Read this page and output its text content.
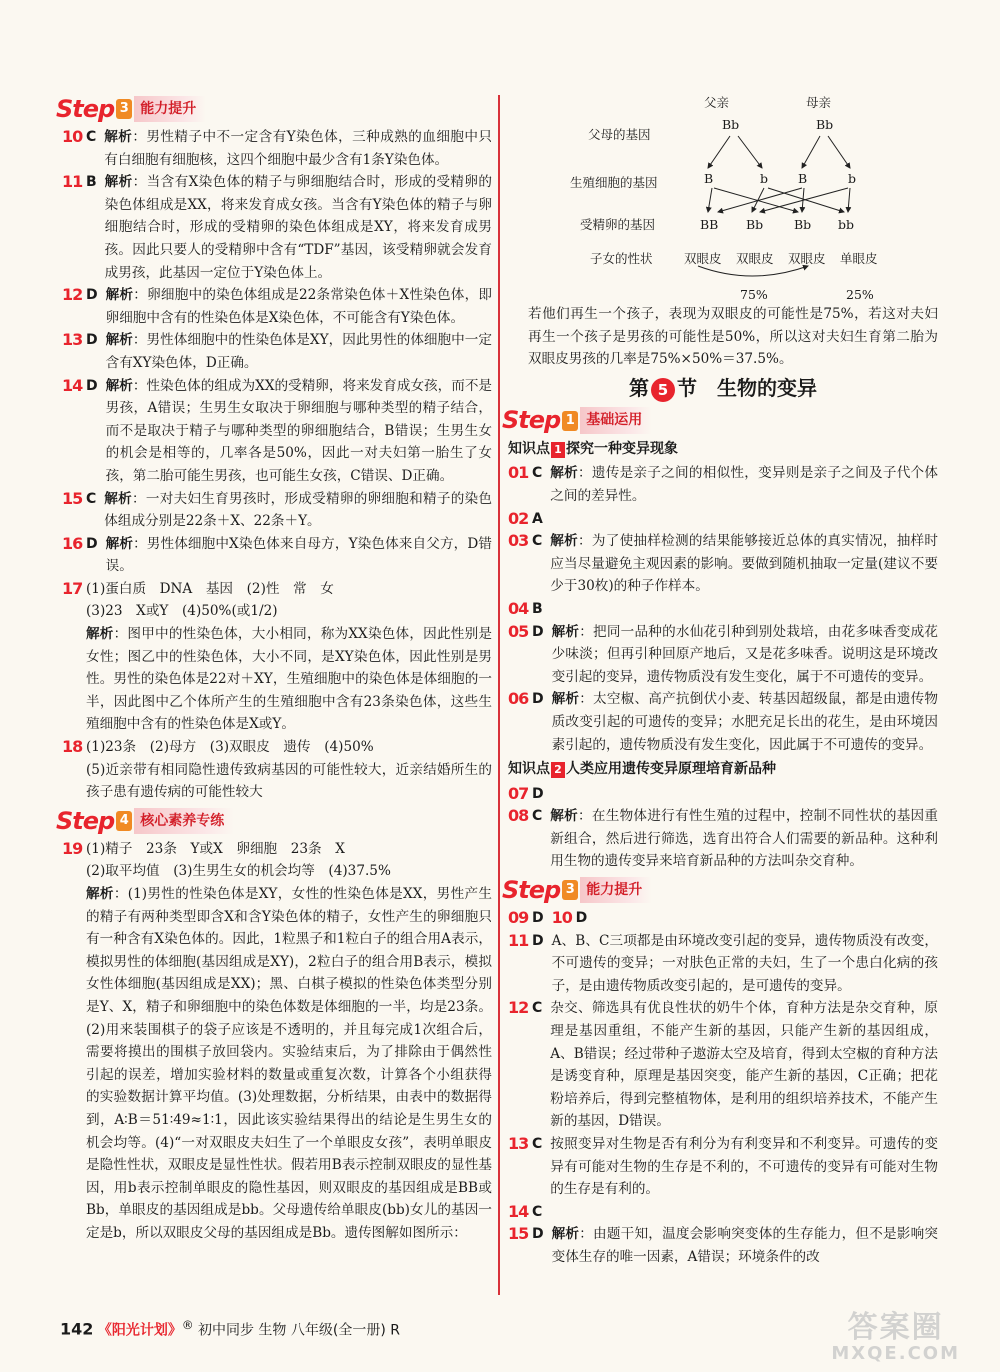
Step 3 能力提升
10 C 解析：男性精子中不一定含有Y染色体，三种成熟的血细胞中只有白细胞有细胞核，这四个细胞中最少含有1条Y染色体。
11 B 解析：当含有X染色体的精子与卵细胞结合时，形成的受精卵的染色体组成是XX，将来发育成女孩。当含有Y染色体的精子与卵细胞结合时，形成的受精卵的染色体组成是XY，将来发育成男孩。因此只要人的受精卵中含有“TDF”基因，该受精卵就会发育成男孩，此基因一定位于Y染色体上。
12 D 解析：卵细胞中的染色体组成是22条常染色体＋X性染色体，即卵细胞中含有的性染色体是X染色体，不可能含有Y染色体。
13 D 解析：男性体细胞中的性染色体是XY，因此男性的体细胞中一定含有XY染色体，D正确。
14 D 解析：性染色体的组成为XX的受精卵，将来发育成女孩，而不是男孩，A错误；生男生女取决于卵细胞与哪种类型的精子结合，而不是取决于精子与哪种类型的卵细胞结合，B错误；生男生女的机会是相等的，几率各是50%，因此一对夫妇第一胎生了女孩，第二胎可能生男孩，也可能生女孩，C错误、D正确。
15 C 解析：一对夫妇生育男孩时，形成受精卵的卵细胞和精子的染色体组成分别是22条＋X、22条＋Y。
16 D 解析：男性体细胞中X染色体来自母方，Y染色体来自父方，D错误。
17 (1)蛋白质　DNA　基因　(2)性　常　女
(3)23　X或Y　(4)50%(或1/2)
解析：图甲中的性染色体，大小相同，称为XX染色体，因此性别是女性；图乙中的性染色体，大小不同，是XY染色体，因此性别是男性。男性的染色体是22对＋XY，生殖细胞中的染色体是体细胞的一半，因此图中乙个体所产生的生殖细胞中含有23条染色体，这些生殖细胞中含有的性染色体是X或Y。
18 (1)23条　(2)母方　(3)双眼皮　遗传　(4)50%
(5)近亲带有相同隐性遗传致病基因的可能性较大，近亲结婚所生的孩子患有遗传病的可能性较大
Step 4 核心素养专练
19 (1)精子　23条　Y或X　卵细胞　23条　X
(2)取平均值　(3)生男生女的机会均等　(4)37.5%
解析：(1)男性的性染色体是XY，女性的性染色体是XX，男性产生的精子有两种类型即含X和含Y染色体的精子，女性产生的卵细胞只有一种含有X染色体的。因此，1粒黑子和1粒白子的组合用A表示，模拟男性的体细胞(基因组成是XY)，2粒白子的组合用B表示，模拟女性体细胞(基因组成是XX)；黑、白棋子模拟的性染色体类型分别是Y、X，精子和卵细胞中的染色体数是体细胞的一半，均是23条。(2)用来装围棋子的袋子应该是不透明的，并且每完成1次组合后，需要将摸出的围棋子放回袋内。实验结束后，为了排除由于偶然性引起的误差，增加实验材料的数量或重复次数，计算各个小组获得的实验数据计算平均值。(3)处理数据，分析结果，由表中的数据得到，A∶B＝51∶49≈1∶1，因此该实验结果得出的结论是生男生女的机会均等。(4)“一对双眼皮夫妇生了一个单眼皮女孩”，表明单眼皮是隐性性状，双眼皮是显性性状。假若用B表示控制双眼皮的显性基因，用b表示控制单眼皮的隐性基因，则双眼皮的基因组成是BB或Bb，单眼皮的基因组成是bb。父母遗传给单眼皮(bb)女儿的基因一定是b，所以双眼皮父母的基因组成是Bb。遗传图解如图所示：
父亲	母亲
父母的基因
Bb	Bb
生殖细胞的基因	B	b B	b
受精卵的基因	BB Bb Bb bb
子女的性状	双眼皮 双眼皮 双眼皮 单眼皮
75%	25%
若他们再生一个孩子，表现为双眼皮的可能性是75%，若这对夫妇再生一个孩子是男孩的可能性是50%，所以这对夫妇生育第二胎为双眼皮男孩的几率是75%×50%＝37.5%。
第 5 节　生物的变异
Step 1 基础运用
知识点 1 探究一种变异现象
01 C 解析：遗传是亲子之间的相似性，变异则是亲子之间及子代个体之间的差异性。
02 A
03 C 解析：为了使抽样检测的结果能够接近总体的真实情况，抽样时应当尽量避免主观因素的影响。要做到随机抽取一定量(建议不要少于30枚)的种子作样本。
04 B
05 D 解析：把同一品种的水仙花引种到别处栽培，由花多味香变成花少味淡；但再引种回原产地后，又是花多味香。说明这是环境改变引起的变异，遗传物质没有发生变化，属于不可遗传的变异。
06 D 解析：太空椒、高产抗倒伏小麦、转基因超级鼠，都是由遗传物质改变引起的可遗传的变异；水肥充足长出的花生，是由环境因素引起的，遗传物质没有发生变化，因此属于不可遗传的变异。
知识点 2 人类应用遗传变异原理培育新品种
07 D
08 C 解析：在生物体进行有性生殖的过程中，控制不同性状的基因重新组合，然后进行筛选，选育出符合人们需要的新品种。这种利用生物的遗传变异来培育新品种的方法叫杂交育种。
Step 3 能力提升
09 D 10 D
11 D A、B、C三项都是由环境改变引起的变异，遗传物质没有改变，不可遗传的变异；一对肤色正常的夫妇，生了一个患白化病的孩子，是由遗传物质改变引起的，是可遗传的变异。
12 C 杂交、筛选具有优良性状的奶牛个体，育种方法是杂交育种，原理是基因重组，不能产生新的基因，只能产生新的基因组成，A、B错误；经过带种子遨游太空及培育，得到太空椒的育种方法是诱变育种，原理是基因突变，能产生新的基因，C正确；把花粉培养后，得到完整植物体，是利用的组织培养技术，不能产生新的基因，D错误。
13 C 按照变异对生物是否有利分为有利变异和不利变异。可遗传的变异有可能对生物的生存是不利的，不可遗传的变异有可能对生物的生存是有利的。
14 C
15 D 解析：由题干知，温度会影响突变体的生存能力，但不是影响突变体生存的唯一因素，A错误；环境条件的改
142 《阳光计划》® 初中同步 生物 八年级(全一册) R	答案圈
MXQE.COM
